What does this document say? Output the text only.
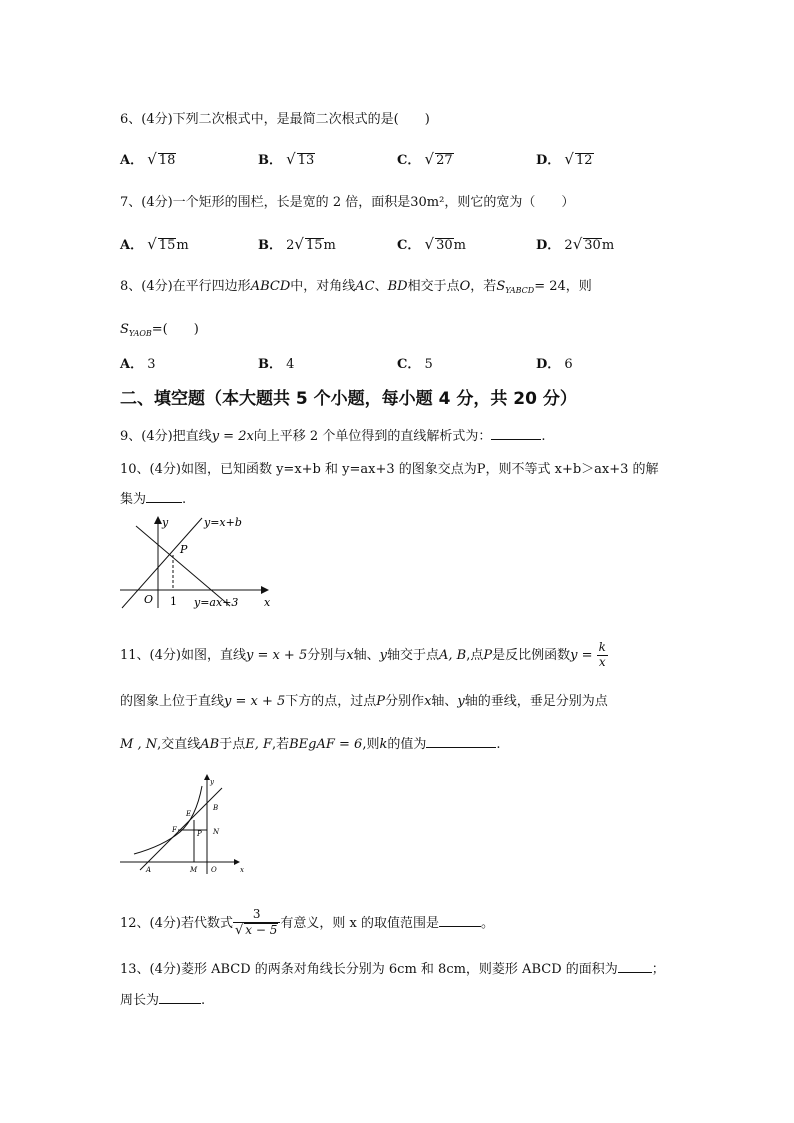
6、(4分)下列二次根式中，是最简二次根式的是(　　)
A． √ 18	B． √ 13	C． √ 27	D． √ 12
7、(4分)一个矩形的围栏，长是宽的 2 倍，面积是30m²，则它的宽为（　　）
A． √ 15m	B． 2√ 15m	C． √ 30m	D． 2√ 30m
8、(4分)在平行四边形ABCD中，对角线AC、BD相交于点O，若$S_{YABCD}= 24$，则
$S_{YAOB}=$(　　)
A． 3	B． 4	C． 5	D． 6
二、填空题（本大题共 5 个小题，每小题 4 分，共 20 分）
9、(4分)把直线y = 2x向上平移 2 个单位得到的直线解析式为：	.
10、(4分)如图，已知函数 y=x+b 和 y=ax+3 的图象交点为P，则不等式 x+b＞ax+3 的解
集为	.
y
x
y=x+b
y=ax+3
P
O 1
11、(4分)如图，直线y = x + 5分别与x轴、y轴交于点A, B,点P是反比例函数$y = \frac{k}{x}$
的图象上位于直线y = x + 5下方的点，过点P分别作x轴、y轴的垂线，垂足分别为点
M , N,交直线AB于点E, F,若BEgAF = 6,则k的值为	.
y
x
A
B
E
F	P N
M O
12、(4分)若代数式 $\frac{3}{√ x - 5}$ 有意义，则 x 的取值范围是	。
13、(4分)菱形 ABCD 的两条对角线长分别为 6cm 和 8cm，则菱形 ABCD 的面积为	；
周长为	.
